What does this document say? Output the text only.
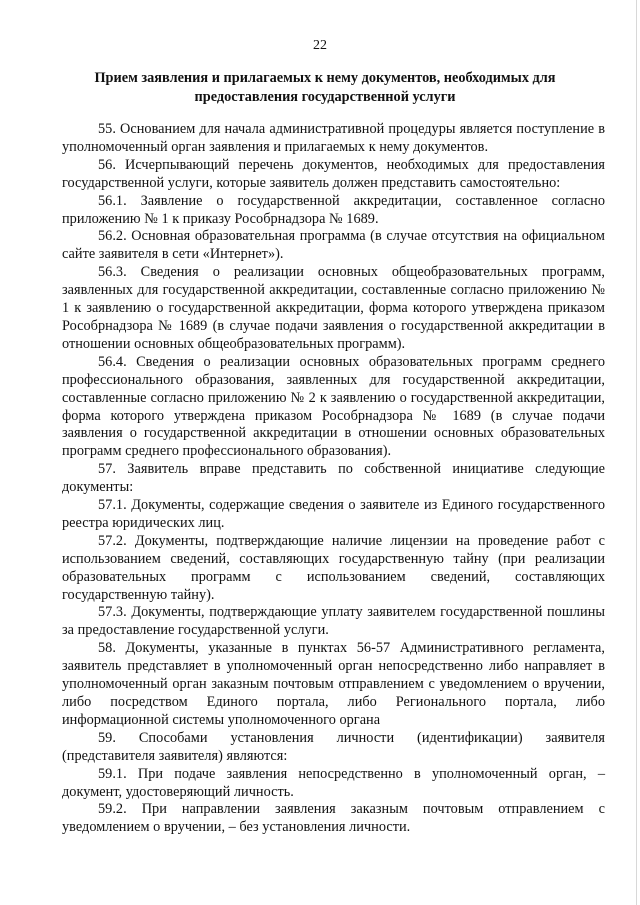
22
Прием заявления и прилагаемых к нему документов, необходимых для
предоставления государственной услуги

55. Основанием для начала административной процедуры является поступление в уполномоченный орган заявления и прилагаемых к нему документов.

56. Исчерпывающий перечень документов, необходимых для предоставления государственной услуги, которые заявитель должен представить самостоятельно:

56.1. Заявление о государственной аккредитации, составленное согласно приложению № 1 к приказу Рособрнадзора № 1689.

56.2. Основная образовательная программа (в случае отсутствия на официальном сайте заявителя в сети «Интернет»).

56.3. Сведения о реализации основных общеобразовательных программ, заявленных для государственной аккредитации, составленные согласно приложению № 1 к заявлению о государственной аккредитации, форма которого утверждена приказом Рособрнадзора № 1689 (в случае подачи заявления о государственной аккредитации в отношении основных общеобразовательных программ).

56.4. Сведения о реализации основных образовательных программ среднего профессионального образования, заявленных для государственной аккредитации, составленные согласно приложению № 2 к заявлению о государственной аккредитации, форма которого утверждена приказом Рособрнадзора № 1689 (в случае подачи заявления о государственной аккредитации в отношении основных образовательных программ среднего профессионального образования).

57. Заявитель вправе представить по собственной инициативе следующие документы:

57.1. Документы, содержащие сведения о заявителе из Единого государственного реестра юридических лиц.

57.2. Документы, подтверждающие наличие лицензии на проведение работ с использованием сведений, составляющих государственную тайну (при реализации образовательных программ с использованием сведений, составляющих государственную тайну).

57.3. Документы, подтверждающие уплату заявителем государственной пошлины за предоставление государственной услуги.

58. Документы, указанные в пунктах 56-57 Административного регламента, заявитель представляет в уполномоченный орган непосредственно либо направляет в уполномоченный орган заказным почтовым отправлением с уведомлением о вручении, либо посредством Единого портала, либо Регионального портала, либо информационной системы уполномоченного органа

59. Способами установления личности (идентификации) заявителя (представителя заявителя) являются:

59.1. При подаче заявления непосредственно в уполномоченный орган, – документ, удостоверяющий личность.

59.2. При направлении заявления заказным почтовым отправлением с уведомлением о вручении, – без установления личности.
